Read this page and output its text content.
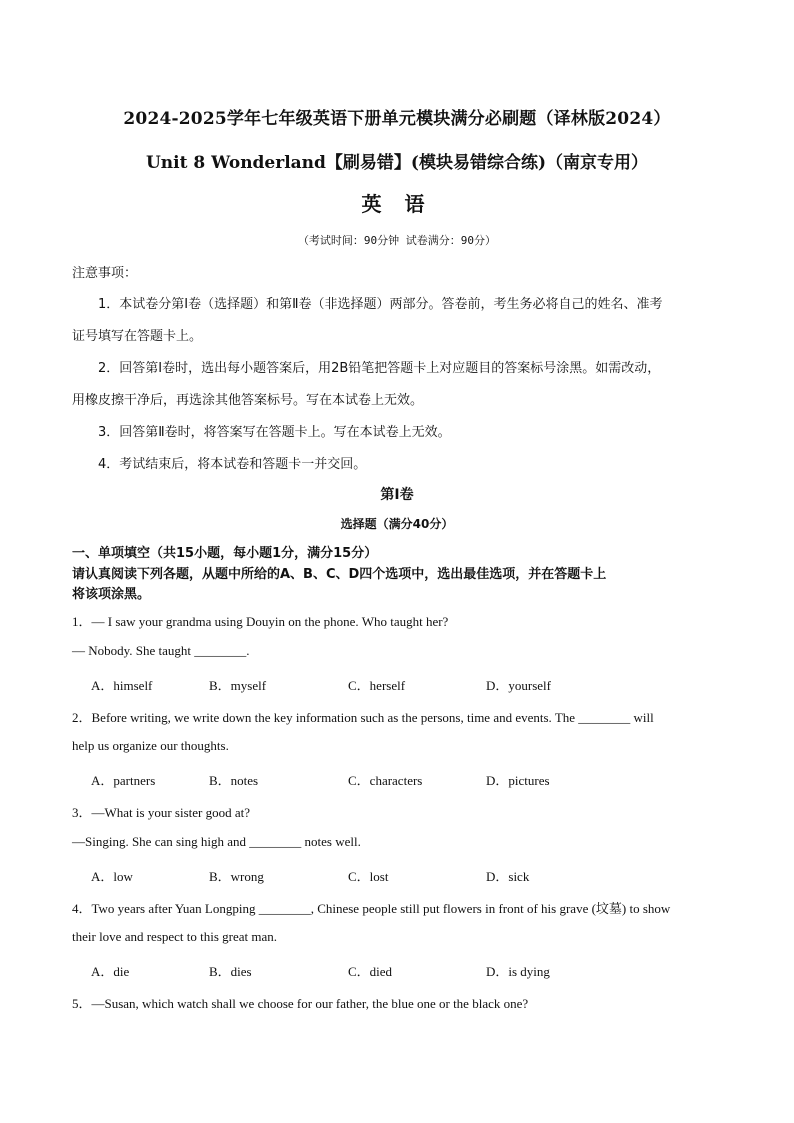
2024-2025学年七年级英语下册单元模块满分必刷题（译林版2024）
Unit 8 Wonderland【刷易错】(模块易错综合练)（南京专用）
英 语
（考试时间：90分钟 试卷满分：90分）
注意事项：
1．本试卷分第Ⅰ卷（选择题）和第Ⅱ卷（非选择题）两部分。答卷前，考生务必将自己的姓名、准考
证号填写在答题卡上。
2．回答第Ⅰ卷时，选出每小题答案后，用2B铅笔把答题卡上对应题目的答案标号涂黑。如需改动，
用橡皮擦干净后，再选涂其他答案标号。写在本试卷上无效。
3．回答第Ⅱ卷时，将答案写在答题卡上。写在本试卷上无效。
4．考试结束后，将本试卷和答题卡一并交回。
第Ⅰ卷
选择题（满分40分）
一、单项填空（共15小题，每小题1分，满分15分）
请认真阅读下列各题，从题中所给的A、B、C、D四个选项中，选出最佳选项，并在答题卡上
将该项涂黑。
1．— I saw your grandma using Douyin on the phone. Who taught her?
— Nobody. She taught ________.
A．himself	B．myself	C．herself	D．yourself
2．Before writing, we write down the key information such as the persons, time and events. The ________ will
help us organize our thoughts.
A．partners	B．notes	C．characters	D．pictures
3．—What is your sister good at?
—Singing. She can sing high and ________ notes well.
A．low	B．wrong	C．lost	D．sick
4．Two years after Yuan Longping ________, Chinese people still put flowers in front of his grave (坟墓) to show
their love and respect to this great man.
A．die	B．dies	C．died	D．is dying
5．—Susan, which watch shall we choose for our father, the blue one or the black one?
